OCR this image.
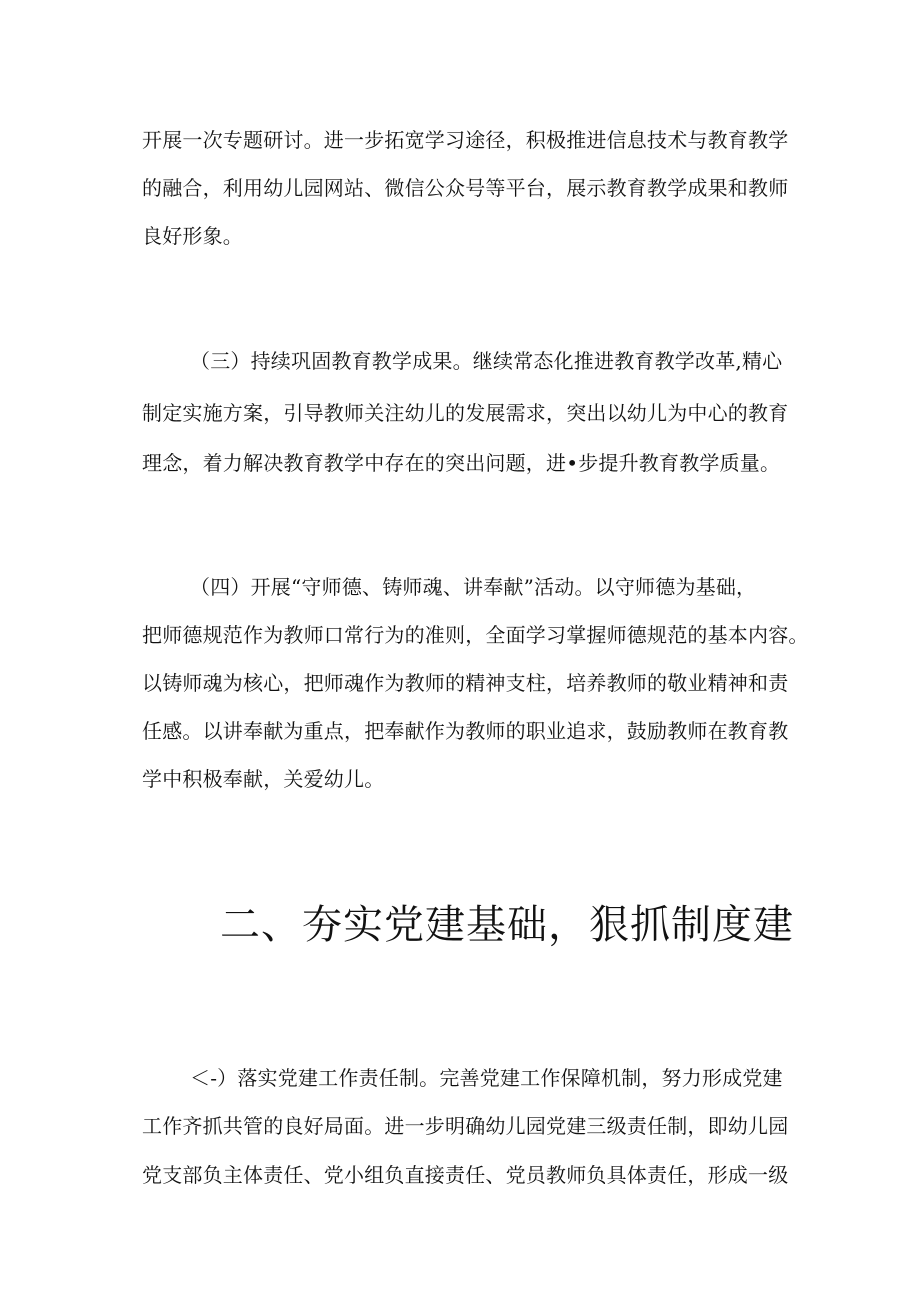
开展一次专题研讨。进一步拓宽学习途径，积极推进信息技术与教育教学
的融合，利用幼儿园网站、微信公众号等平台，展示教育教学成果和教师
良好形象。
（三）持续巩固教育教学成果。继续常态化推进教育教学改革,精心
制定实施方案，引导教师关注幼儿的发展需求，突出以幼儿为中心的教育
理念，着力解决教育教学中存在的突出问题，进•步提升教育教学质量。
（四）开展“守师德、铸师魂、讲奉献”活动。以守师德为基础，
把师德规范作为教师口常行为的准则，全面学习掌握师德规范的基本内容。
以铸师魂为核心，把师魂作为教师的精神支柱，培养教师的敬业精神和责
任感。以讲奉献为重点，把奉献作为教师的职业追求，鼓励教师在教育教
学中积极奉献，关爱幼儿。
二、夯实党建基础，狠抓制度建
＜-）落实党建工作责任制。完善党建工作保障机制，努力形成党建
工作齐抓共管的良好局面。进一步明确幼儿园党建三级责任制，即幼儿园
党支部负主体责任、党小组负直接责任、党员教师负具体责任，形成一级
